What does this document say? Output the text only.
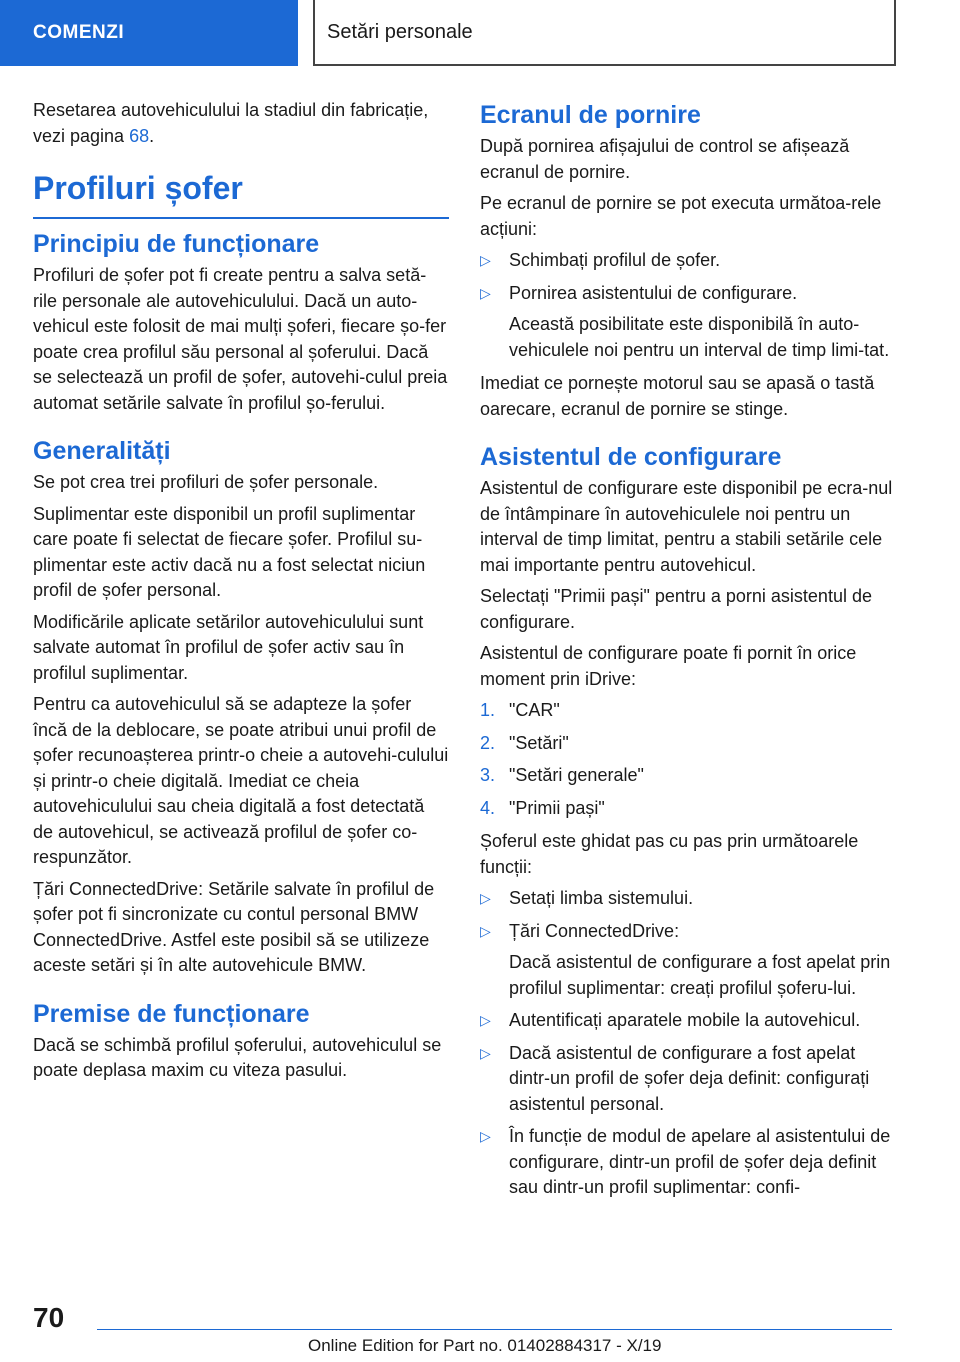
COMENZI	Setări personale

Resetarea autovehiculului la stadiul din fabricație, vezi pagina 68.

Profiluri șofer
Principiu de funcționare

Profiluri de șofer pot fi create pentru a salva setă-rile personale ale autovehiculului. Dacă un auto-vehicul este folosit de mai mulți șoferi, fiecare șo-fer poate crea profilul său personal al șoferului. Dacă se selectează un profil de șofer, autovehi-culul preia automat setările salvate în profilul șo-ferului.

Generalități

Se pot crea trei profiluri de șofer personale.

Suplimentar este disponibil un profil suplimentar care poate fi selectat de fiecare șofer. Profilul su-plimentar este activ dacă nu a fost selectat niciun profil de șofer personal.

Modificările aplicate setărilor autovehiculului sunt salvate automat în profilul de șofer activ sau în profilul suplimentar.

Pentru ca autovehiculul să se adapteze la șofer încă de la deblocare, se poate atribui unui profil de șofer recunoașterea printr-o cheie a autovehi-culului și printr-o cheie digitală. Imediat ce cheia autovehiculului sau cheia digitală a fost detectată de autovehicul, se activează profilul de șofer co-respunzător.

Țări ConnectedDrive: Setările salvate în profilul de șofer pot fi sincronizate cu contul personal BMW ConnectedDrive. Astfel este posibil să se utilizeze aceste setări și în alte autovehicule BMW.

Premise de funcționare

Dacă se schimbă profilul șoferului, autovehiculul se poate deplasa maxim cu viteza pasului.

Ecranul de pornire

După pornirea afișajului de control se afișează ecranul de pornire.

Pe ecranul de pornire se pot executa următoa-rele acțiuni:

▷ Schimbați profilul de șofer.
▷ Pornirea asistentului de configurare.
Această posibilitate este disponibilă în auto-vehiculele noi pentru un interval de timp limi-tat.

Imediat ce pornește motorul sau se apasă o tastă oarecare, ecranul de pornire se stinge.

Asistentul de configurare

Asistentul de configurare este disponibil pe ecra-nul de întâmpinare în autovehiculele noi pentru un interval de timp limitat, pentru a stabili setările cele mai importante pentru autovehicul.

Selectați "Primii pași" pentru a porni asistentul de configurare.

Asistentul de configurare poate fi pornit în orice moment prin iDrive:

1. "CAR"
2. "Setări"
3. "Setări generale"
4. "Primii pași"

Șoferul este ghidat pas cu pas prin următoarele funcții:

▷ Setați limba sistemului.
▷ Țări ConnectedDrive:
Dacă asistentul de configurare a fost apelat prin profilul suplimentar: creați profilul șoferu-lui.
▷ Autentificați aparatele mobile la autovehicul.
▷ Dacă asistentul de configurare a fost apelat dintr-un profil de șofer deja definit: configurați asistentul personal.
▷ În funcție de modul de apelare al asistentului de configurare, dintr-un profil de șofer deja definit sau dintr-un profil suplimentar: confi-
70
Online Edition for Part no. 01402884317 - X/19
